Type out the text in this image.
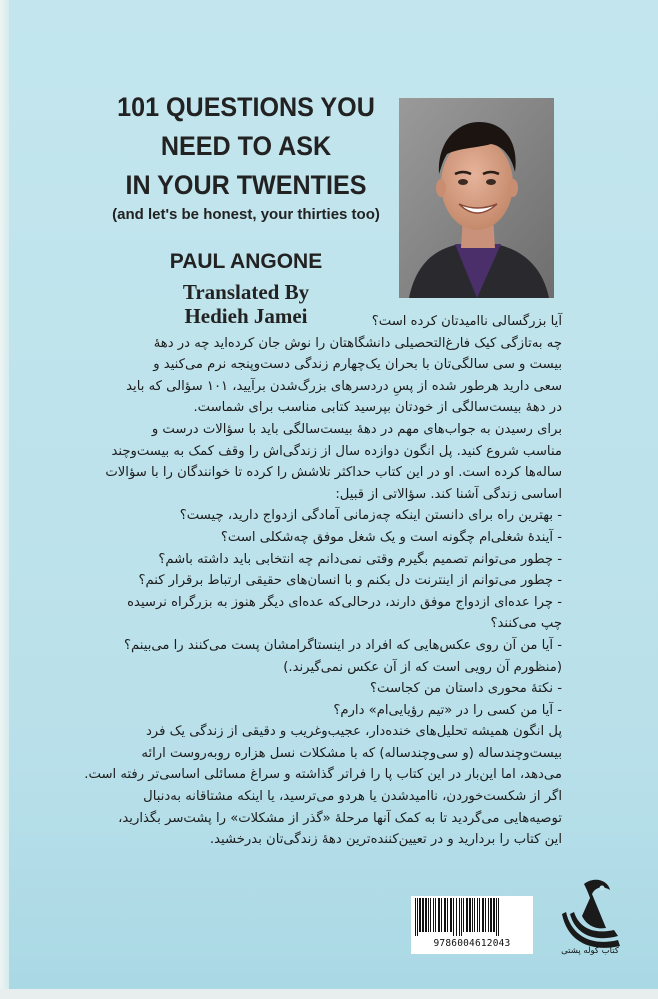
101 QUESTIONS YOU
NEED TO ASK
IN YOUR TWENTIES
(and let's be honest, your thirties too)
PAUL ANGONE
Translated By
Hedieh Jamei	آیا بزرگسالی ناامیدتان کرده است؟

چه به‌تازگی کیک فارغ‌التحصیلی دانشگاهتان را نوش جان کرده‌اید چه در دههٔ

بیست و سی سالگی‌تان با بحران یک‌چهارم زندگی دست‌وپنجه نرم می‌کنید و

سعی دارید هرطور شده از پسِ دردسرهای بزرگ‌شدن برآیید، ۱۰۱ سؤالی که باید

در دههٔ بیست‌سالگی از خودتان بپرسید کتابی مناسب برای شماست.

برای رسیدن به جواب‌های مهم در دههٔ بیست‌سالگی باید با سؤالات درست و

مناسب شروع کنید. پل انگون دوازده سال از زندگی‌اش را وقف کمک به بیست‌وچند

ساله‌ها کرده است. او در این کتاب حداکثر تلاشش را کرده تا خوانندگان را با سؤالات

اساسی زندگی آشنا کند. سؤالاتی از قبیل:

- بهترین راه برای دانستن اینکه چه‌زمانی آمادگی ازدواج دارید، چیست؟

- آیندهٔ شغلی‌ام چگونه است و یک شغل موفق چه‌شکلی است؟

- چطور می‌توانم تصمیم بگیرم وقتی نمی‌دانم چه انتخابی باید داشته باشم؟

- چطور می‌توانم از اینترنت دل بکنم و با انسان‌های حقیقی ارتباط برقرار کنم؟

- چرا عده‌ای ازدواج موفق دارند، درحالی‌که عده‌ای دیگر هنوز به بزرگراه نرسیده

چپ می‌کنند؟

- آیا من آن روی عکس‌هایی که افراد در اینستاگرامشان پست می‌کنند را می‌بینم؟

(منظورم آن رویی است که از آن عکس نمی‌گیرند.)

- نکتهٔ محوری داستان من کجاست؟

- آیا من کسی را در «تیم رؤیایی‌ام» دارم؟

پل انگون همیشه تحلیل‌های خنده‌دار، عجیب‌وغریب و دقیقی از زندگی یک فرد

بیست‌وچندساله (و سی‌وچندساله) که با مشکلات نسل هزاره روبه‌روست ارائه

می‌دهد، اما این‌بار در این کتاب پا را فراتر گذاشته و سراغ مسائلی اساسی‌تر رفته است.

اگر از شکست‌خوردن، ناامیدشدن یا هردو می‌ترسید، یا اینکه مشتاقانه به‌دنبال

توصیه‌هایی می‌گردید تا به کمک آنها مرحلهٔ «گذر از مشکلات» را پشت‌سر بگذارید،

این کتاب را بردارید و در تعیین‌کننده‌ترین دههٔ زندگی‌تان بدرخشید.

9786004612043
کتاب کوله پشتی
